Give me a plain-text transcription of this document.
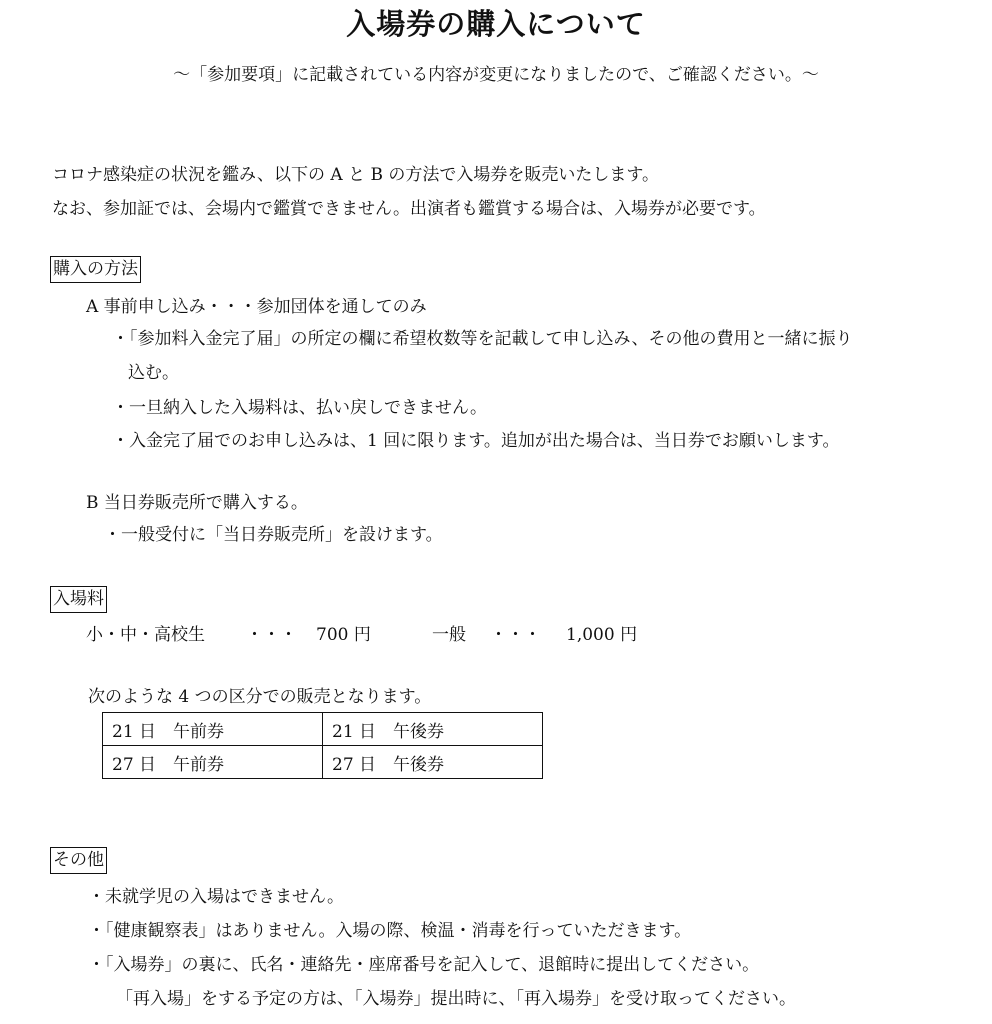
入場券の購入について
～「参加要項」に記載されている内容が変更になりましたので、ご確認ください。～
コロナ感染症の状況を鑑み、以下の A と B の方法で入場券を販売いたします。
なお、参加証では、会場内で鑑賞できません。出演者も鑑賞する場合は、入場券が必要です。
購入の方法
A 事前申し込み・・・参加団体を通してのみ
・「参加料入金完了届」の所定の欄に希望枚数等を記載して申し込み、その他の費用と一緒に振り
込む。
・一旦納入した入場料は、払い戻しできません。
・入金完了届でのお申し込みは、1 回に限ります。追加が出た場合は、当日券でお願いします。
B 当日券販売所で購入する。
・一般受付に「当日券販売所」を設けます。
入場料
小・中・高校生 ・・・ 700 円	一般 ・・・ 1,000 円
次のような 4 つの区分での販売となります。
21 日　午前券	21 日　午後券
27 日　午前券	27 日　午後券
その他
・未就学児の入場はできません。
・「健康観察表」はありません。入場の際、検温・消毒を行っていただきます。
・「入場券」の裏に、氏名・連絡先・座席番号を記入して、退館時に提出してください。
「再入場」をする予定の方は、「入場券」提出時に、「再入場券」を受け取ってください。
